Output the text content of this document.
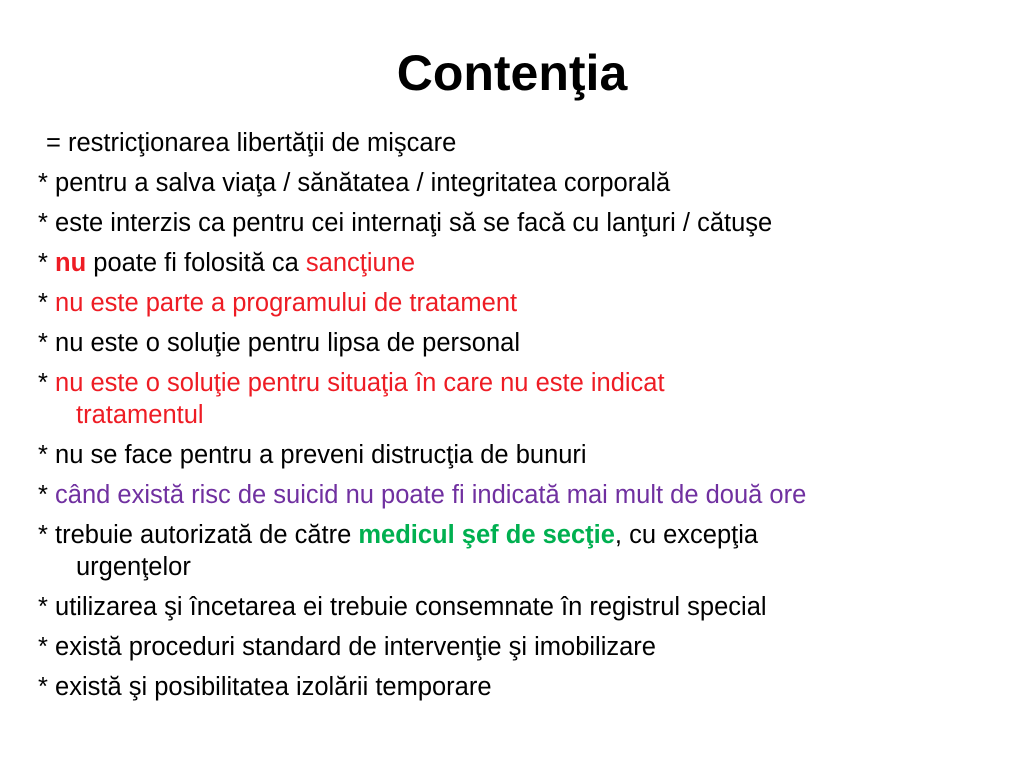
Contenţia
= restricţionarea libertăţii de mişcare
* pentru a salva viaţa / sănătatea / integritatea corporală
* este interzis ca pentru cei internaţi să se facă cu lanţuri / cătuşe
* nu poate fi folosită ca sancţiune
* nu este parte a programului de tratament
* nu este o soluţie pentru lipsa de personal
* nu este o soluţie pentru situaţia în care nu este indicat
tratamentul
* nu se face pentru a preveni distrucţia de bunuri
* când există risc de suicid nu poate fi indicată mai mult de două ore
* trebuie autorizată de către medicul şef de secţie, cu excepţia
urgenţelor
* utilizarea şi încetarea ei trebuie consemnate în registrul special
* există proceduri standard de intervenţie şi imobilizare
* există şi posibilitatea izolării temporare
